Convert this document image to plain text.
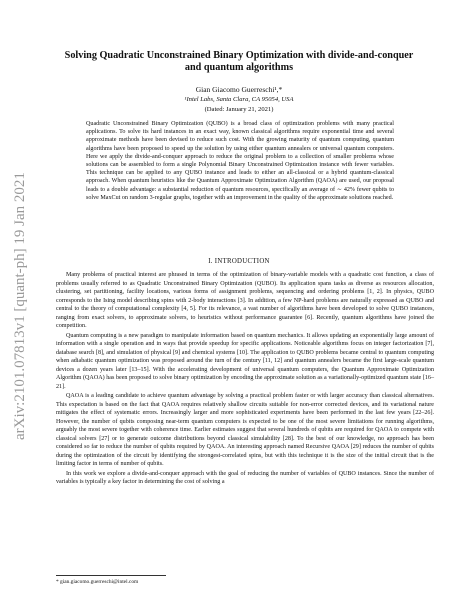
arXiv:2101.07813v1 [quant-ph] 19 Jan 2021
Solving Quadratic Unconstrained Binary Optimization with divide-and-conquer and quantum algorithms
Gian Giacomo Guerreschi¹,*
¹Intel Labs, Santa Clara, CA 95054, USA
(Dated: January 21, 2021)
Quadratic Unconstrained Binary Optimization (QUBO) is a broad class of optimization problems with many practical applications. To solve its hard instances in an exact way, known classical algorithms require exponential time and several approximate methods have been devised to reduce such cost. With the growing maturity of quantum computing, quantum algorithms have been proposed to speed up the solution by using either quantum annealers or universal quantum computers. Here we apply the divide-and-conquer approach to reduce the original problem to a collection of smaller problems whose solutions can be assembled to form a single Polynomial Binary Unconstrained Optimization instance with fewer variables. This technique can be applied to any QUBO instance and leads to either an all-classical or a hybrid quantum-classical approach. When quantum heuristics like the Quantum Approximate Optimization Algorithm (QAOA) are used, our proposal leads to a double advantage: a substantial reduction of quantum resources, specifically an average of ∼ 42% fewer qubits to solve MaxCut on random 3-regular graphs, together with an improvement in the quality of the approximate solutions reached.
I. INTRODUCTION

Many problems of practical interest are phrased in terms of the optimization of binary-variable models with a quadratic cost function, a class of problems usually referred to as Quadratic Unconstrained Binary Optimization (QUBO). Its application spans tasks as diverse as resources allocation, clustering, set partitioning, facility locations, various forms of assignment problems, sequencing and ordering problems [1, 2]. In physics, QUBO corresponds to the Ising model describing spins with 2-body interactions [3]. In addition, a few NP-hard problems are naturally expressed as QUBO and central to the theory of computational complexity [4, 5]. For its relevance, a vast number of algorithms have been developed to solve QUBO instances, ranging from exact solvers, to approximate solvers, to heuristics without performance guarantee [6]. Recently, quantum algorithms have joined the competition.

Quantum computing is a new paradigm to manipulate information based on quantum mechanics. It allows updating an exponentially large amount of information with a single operation and in ways that provide speedup for specific applications. Noticeable algorithms focus on integer factorization [7], database search [8], and simulation of physical [9] and chemical systems [10]. The application to QUBO problems became central to quantum computing when adiabatic quantum optimization was proposed around the turn of the century [11, 12] and quantum annealers became the first large-scale quantum devices a dozen years later [13–15]. With the accelerating development of universal quantum computers, the Quantum Approximate Optimization Algorithm (QAOA) has been proposed to solve binary optimization by encoding the approximate solution as a variationally-optimized quantum state [16–21].

QAOA is a leading candidate to achieve quantum advantage by solving a practical problem faster or with larger accuracy than classical alternatives. This expectation is based on the fact that QAOA requires relatively shallow circuits suitable for non-error corrected devices, and its variational nature mitigates the effect of systematic errors. Increasingly larger and more sophisticated experiments have been performed in the last few years [22–26]. However, the number of qubits composing near-term quantum computers is expected to be one of the most severe limitations for running algorithms, arguably the most severe together with coherence time. Earlier estimates suggest that several hundreds of qubits are required for QAOA to compete with classical solvers [27] or to generate outcome distributions beyond classical simulability [28]. To the best of our knowledge, no approach has been considered so far to reduce the number of qubits required by QAOA. An interesting approach named Recursive QAOA [29] reduces the number of qubits during the optimization of the circuit by identifying the strongest-correlated spins, but with this technique it is the size of the initial circuit that is the limiting factor in terms of number of qubits.

In this work we explore a divide-and-conquer approach with the goal of reducing the number of variables of QUBO instances. Since the number of variables is typically a key factor in determining the cost of solving a

* gian.giacomo.guerreschi@intel.com
